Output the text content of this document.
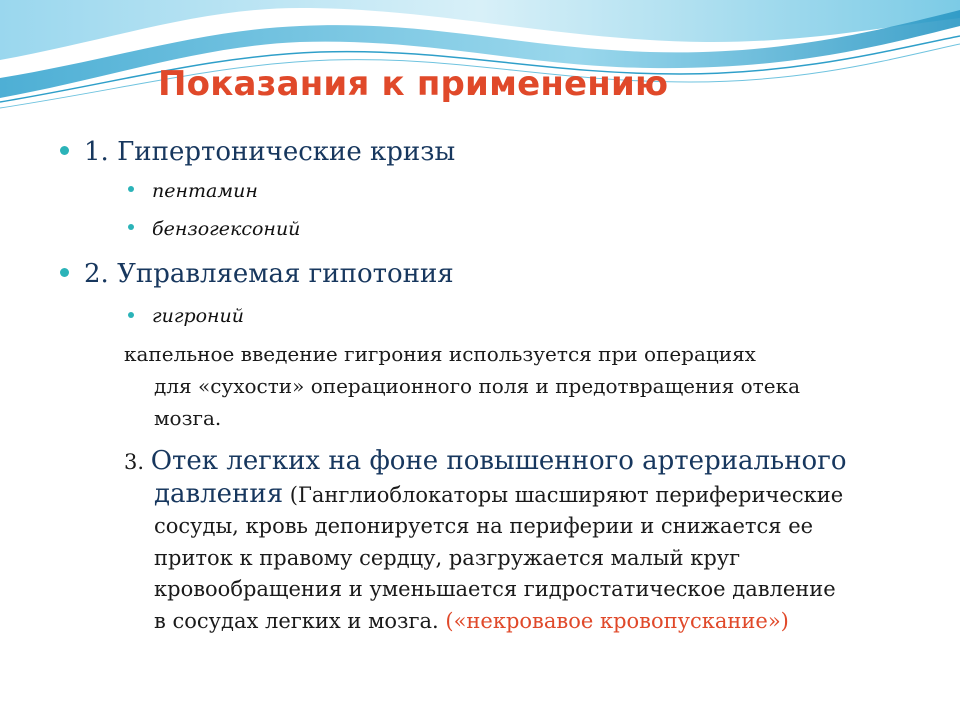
Показания к применению
1. Гипертонические кризы
пентамин
бензогексоний
2. Управляемая гипотония
гигроний
капельное введение гигрония используется при операциях
для «сухости» операционного поля и предотвращения отека
мозга.
3. Отек легких на фоне повышенного артериального
давления (Ганглиоблокаторы шасширяют периферические
сосуды, кровь депонируется на периферии и снижается ее
приток к правому сердцу, разгружается малый круг
кровообращения и уменьшается гидростатическое давление
в сосудах легких и мозга. («некровавое кровопускание»)
